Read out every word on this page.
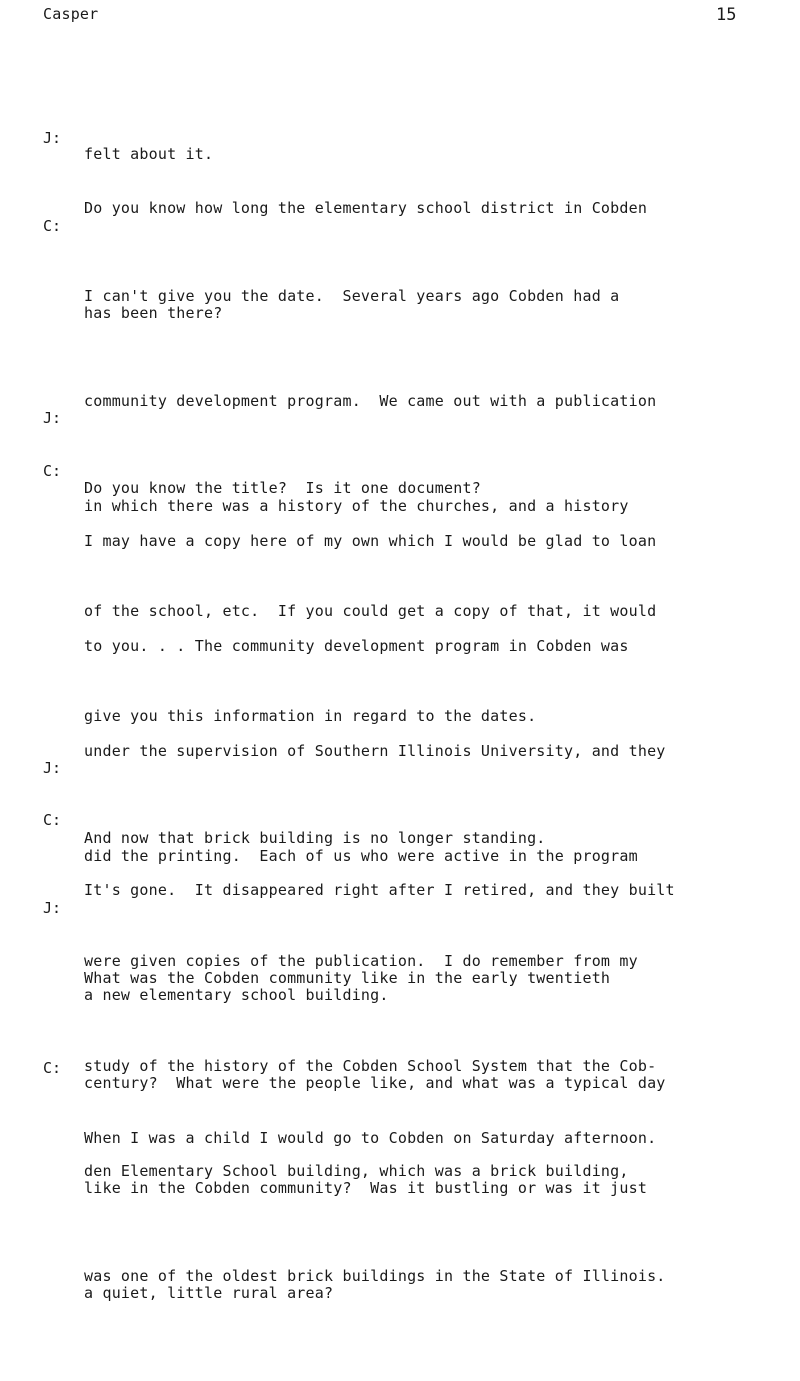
Casper	15

felt about it.

J:

Do you know how long the elementary school district in Cobden

has been there?

C:

I can't give you the date.  Several years ago Cobden had a

community development program.  We came out with a publication

in which there was a history of the churches, and a history

of the school, etc.  If you could get a copy of that, it would

give you this information in regard to the dates.

J:

Do you know the title?  Is it one document?

C:

I may have a copy here of my own which I would be glad to loan

to you. . . The community development program in Cobden was

under the supervision of Southern Illinois University, and they

did the printing.  Each of us who were active in the program

were given copies of the publication.  I do remember from my

study of the history of the Cobden School System that the Cob-

den Elementary School building, which was a brick building,

was one of the oldest brick buildings in the State of Illinois.

J:

And now that brick building is no longer standing.

C:

It's gone.  It disappeared right after I retired, and they built

a new elementary school building.

J:

What was the Cobden community like in the early twentieth

century?  What were the people like, and what was a typical day

like in the Cobden community?  Was it bustling or was it just

a quiet, little rural area?

C:

When I was a child I would go to Cobden on Saturday afternoon.
